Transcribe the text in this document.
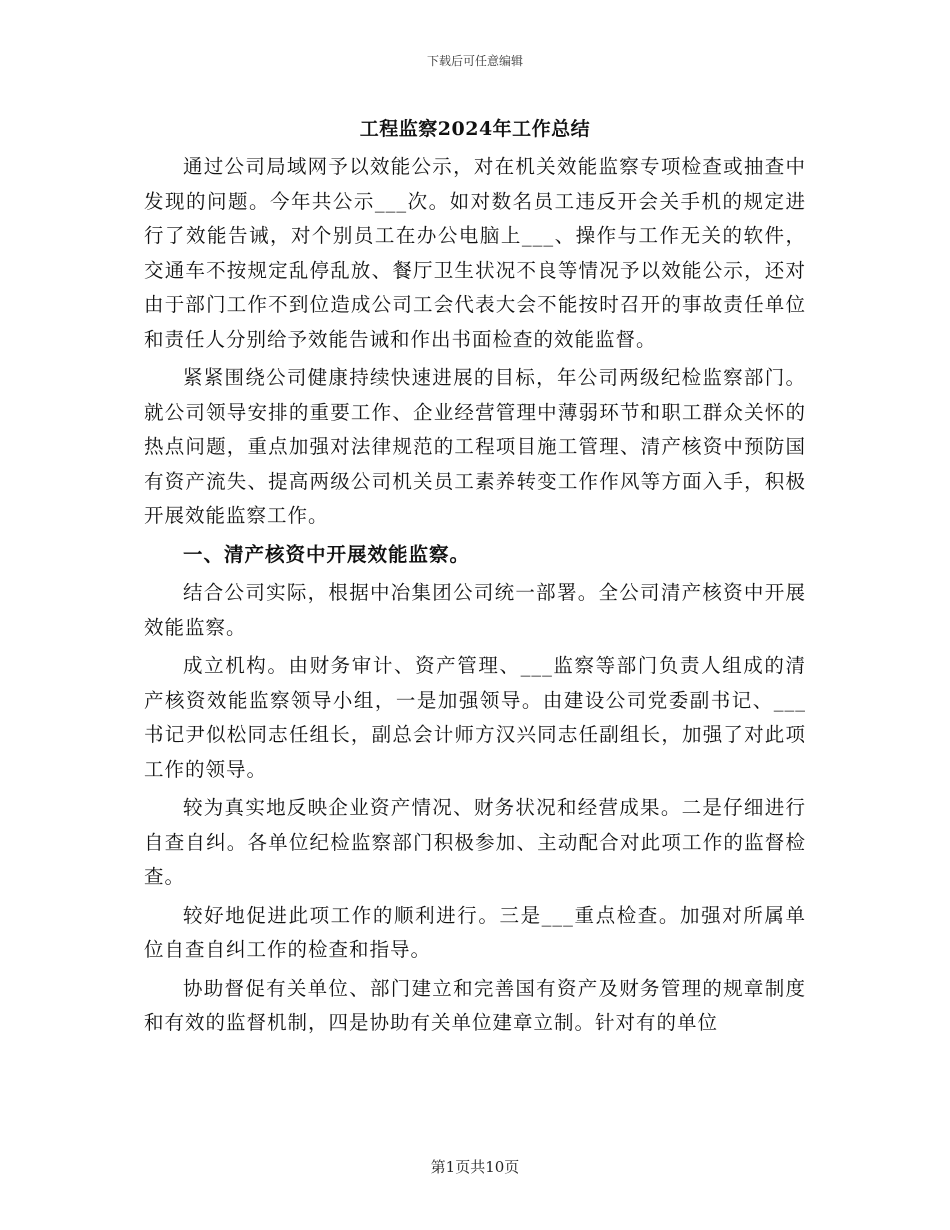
下载后可任意编辑
工程监察2024年工作总结

通过公司局域网予以效能公示，对在机关效能监察专项检查或抽查中发现的问题。今年共公示___次。如对数名员工违反开会关手机的规定进行了效能告诫，对个别员工在办公电脑上___、操作与工作无关的软件，交通车不按规定乱停乱放、餐厅卫生状况不良等情况予以效能公示，还对由于部门工作不到位造成公司工会代表大会不能按时召开的事故责任单位和责任人分别给予效能告诫和作出书面检查的效能监督。

紧紧围绕公司健康持续快速进展的目标，年公司两级纪检监察部门。就公司领导安排的重要工作、企业经营管理中薄弱环节和职工群众关怀的热点问题，重点加强对法律规范的工程项目施工管理、清产核资中预防国有资产流失、提高两级公司机关员工素养转变工作作风等方面入手，积极开展效能监察工作。

一、清产核资中开展效能监察。

结合公司实际，根据中冶集团公司统一部署。全公司清产核资中开展效能监察。

成立机构。由财务审计、资产管理、___监察等部门负责人组成的清产核资效能监察领导小组，一是加强领导。由建设公司党委副书记、___书记尹似松同志任组长，副总会计师方汉兴同志任副组长，加强了对此项工作的领导。

较为真实地反映企业资产情况、财务状况和经营成果。二是仔细进行自查自纠。各单位纪检监察部门积极参加、主动配合对此项工作的监督检查。

较好地促进此项工作的顺利进行。三是___重点检查。加强对所属单位自查自纠工作的检查和指导。

协助督促有关单位、部门建立和完善国有资产及财务管理的规章制度和有效的监督机制，四是协助有关单位建章立制。针对有的单位

第1页共10页
